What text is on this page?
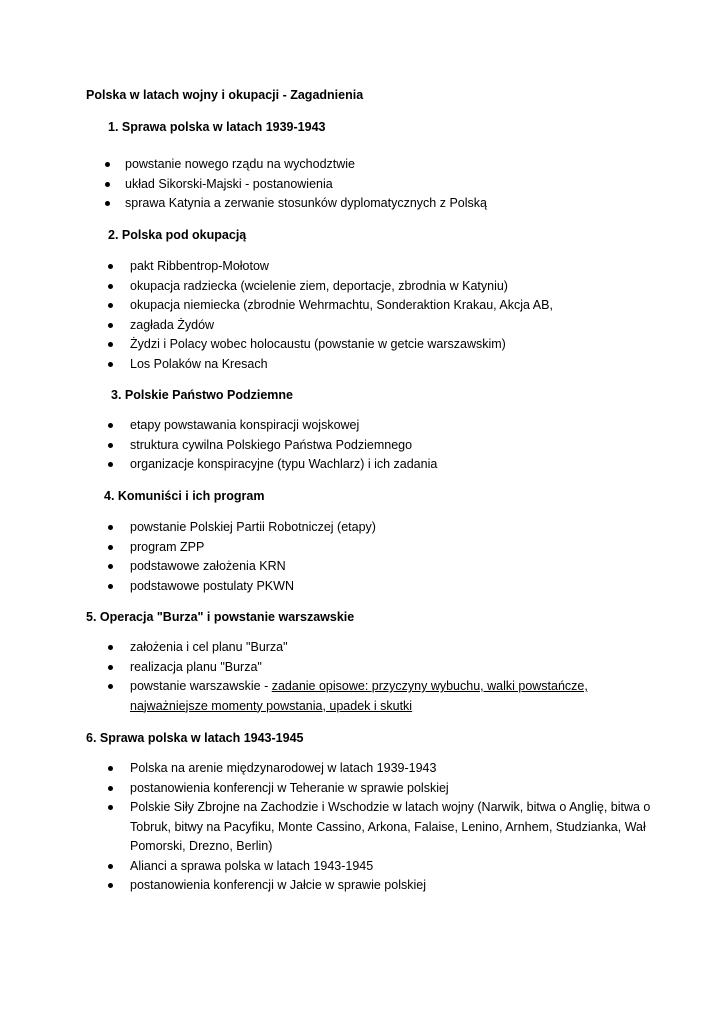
Polska w latach wojny i okupacji - Zagadnienia
1. Sprawa polska w latach 1939-1943
powstanie nowego rządu na wychodztwie
układ Sikorski-Majski - postanowienia
sprawa Katynia a zerwanie stosunków dyplomatycznych z Polską
2. Polska pod okupacją
pakt Ribbentrop-Mołotow
okupacja radziecka (wcielenie ziem, deportacje, zbrodnia w Katyniu)
okupacja niemiecka (zbrodnie Wehrmachtu, Sonderaktion Krakau, Akcja AB,
zagłada Żydów
Żydzi i Polacy wobec holocaustu (powstanie w getcie warszawskim)
Los Polaków na Kresach
3. Polskie Państwo Podziemne
etapy powstawania konspiracji wojskowej
struktura cywilna Polskiego Państwa Podziemnego
organizacje konspiracyjne (typu Wachlarz) i ich zadania
4. Komuniści i ich program
powstanie Polskiej Partii Robotniczej (etapy)
program ZPP
podstawowe założenia KRN
podstawowe postulaty PKWN
5. Operacja "Burza" i powstanie warszawskie
założenia i cel planu "Burza"
realizacja planu "Burza"
powstanie warszawskie - zadanie opisowe: przyczyny wybuchu, walki powstańcze,
najważniejsze momenty powstania, upadek i skutki
6. Sprawa polska w latach 1943-1945
Polska na arenie międzynarodowej w latach 1939-1943
postanowienia konferencji w Teheranie w sprawie polskiej
Polskie Siły Zbrojne na Zachodzie i Wschodzie w latach wojny (Narwik, bitwa o Anglię, bitwa o
Tobruk, bitwy na Pacyfiku, Monte Cassino, Arkona, Falaise, Lenino, Arnhem, Studzianka, Wał
Pomorski, Drezno, Berlin)
Alianci a sprawa polska w latach 1943-1945
postanowienia konferencji w Jałcie w sprawie polskiej
